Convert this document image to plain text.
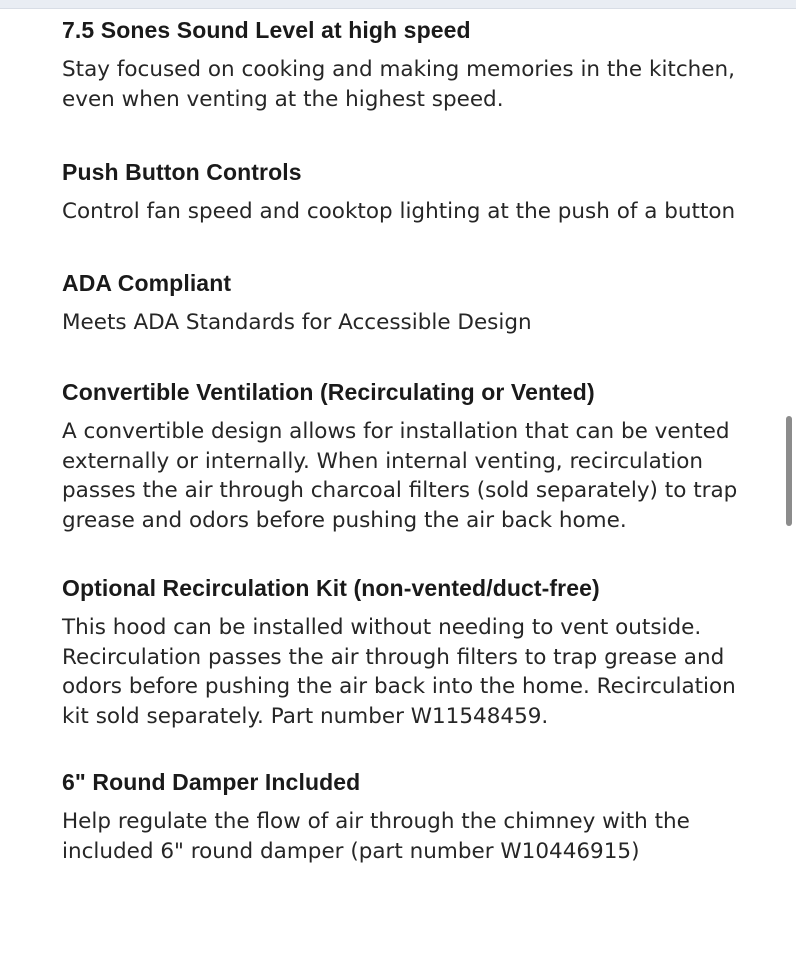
7.5 Sones Sound Level at high speed

Stay focused on cooking and making memories in the kitchen, even when venting at the highest speed.

Push Button Controls

Control fan speed and cooktop lighting at the push of a button

ADA Compliant

Meets ADA Standards for Accessible Design

Convertible Ventilation (Recirculating or Vented)

A convertible design allows for installation that can be vented externally or internally. When internal venting, recirculation passes the air through charcoal filters (sold separately) to trap grease and odors before pushing the air back home.

Optional Recirculation Kit (non-vented/duct-free)

This hood can be installed without needing to vent outside. Recirculation passes the air through filters to trap grease and odors before pushing the air back into the home. Recirculation kit sold separately. Part number W11548459.

6" Round Damper Included

Help regulate the flow of air through the chimney with the included 6" round damper (part number W10446915)
